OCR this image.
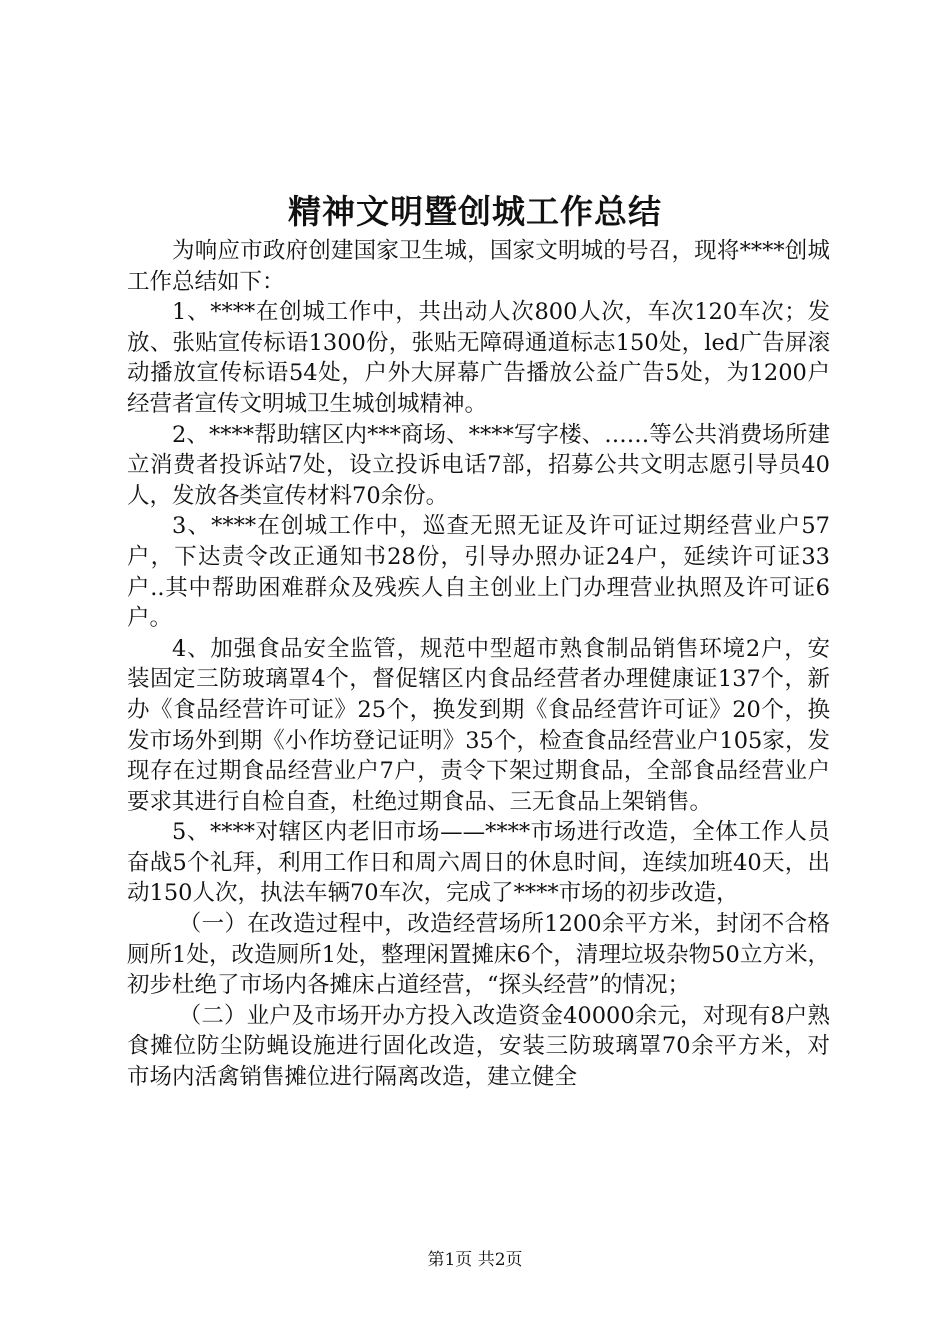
精神文明暨创城工作总结

为响应市政府创建国家卫生城，国家文明城的号召，现将****创城工作总结如下：

1、****在创城工作中，共出动人次800人次，车次120车次；发放、张贴宣传标语1300份，张贴无障碍通道标志150处，led广告屏滚动播放宣传标语54处，户外大屏幕广告播放公益广告5处，为1200户经营者宣传文明城卫生城创城精神。

2、****帮助辖区内***商场、****写字楼、……等公共消费场所建立消费者投诉站7处，设立投诉电话7部，招募公共文明志愿引导员40人，发放各类宣传材料70余份。

3、****在创城工作中，巡查无照无证及许可证过期经营业户57户，下达责令改正通知书28份，引导办照办证24户，延续许可证33户..其中帮助困难群众及残疾人自主创业上门办理营业执照及许可证6户。

4、加强食品安全监管，规范中型超市熟食制品销售环境2户，安装固定三防玻璃罩4个，督促辖区内食品经营者办理健康证137个，新办《食品经营许可证》25个，换发到期《食品经营许可证》20个，换发市场外到期《小作坊登记证明》35个，检查食品经营业户105家，发现存在过期食品经营业户7户，责令下架过期食品，全部食品经营业户要求其进行自检自查，杜绝过期食品、三无食品上架销售。

5、****对辖区内老旧市场——****市场进行改造，全体工作人员奋战5个礼拜，利用工作日和周六周日的休息时间，连续加班40天，出动150人次，执法车辆70车次，完成了****市场的初步改造，

（一）在改造过程中，改造经营场所1200余平方米，封闭不合格厕所1处，改造厕所1处，整理闲置摊床6个，清理垃圾杂物50立方米，初步杜绝了市场内各摊床占道经营，“探头经营”的情况；

（二）业户及市场开办方投入改造资金40000余元，对现有8户熟食摊位防尘防蝇设施进行固化改造，安装三防玻璃罩70余平方米，对市场内活禽销售摊位进行隔离改造，建立健全

第1页 共2页
